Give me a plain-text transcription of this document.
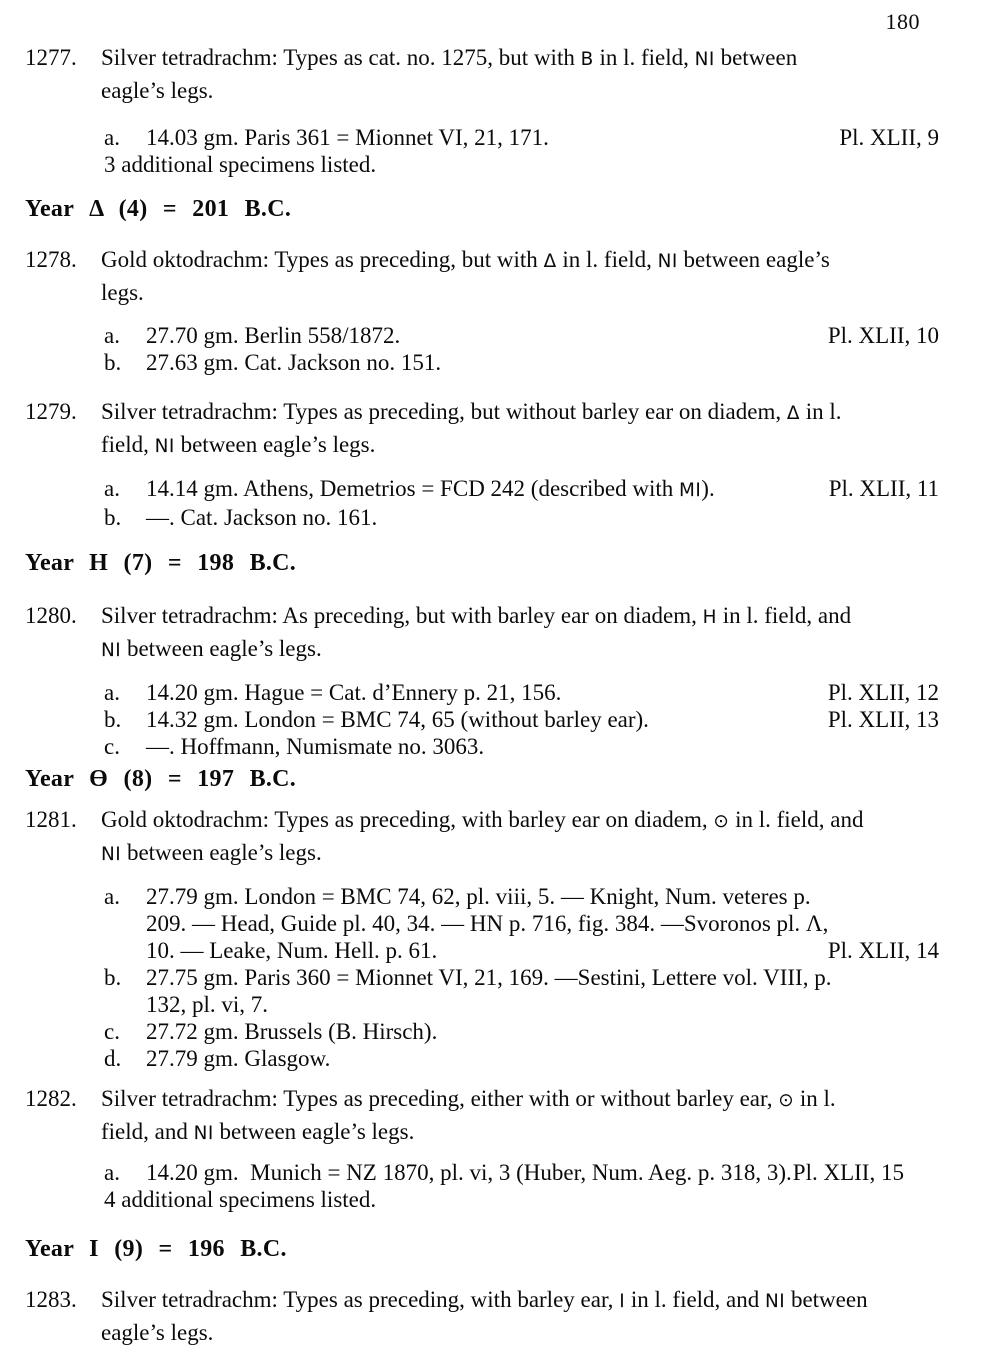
180
1277.	Silver tetradrachm: Types as cat. no. 1275, but with B in l. field, ΝΙ between
eagle’s legs.
a.	14.03 gm. Paris 361 = Mionnet VI, 21, 171.	Pl. XLII, 9
3 additional specimens listed.
Year Δ (4) = 201 B.C.
1278.	Gold oktodrachm: Types as preceding, but with Δ in l. field, ΝΙ between eagle’s
legs.
a.	27.70 gm. Berlin 558/1872.	Pl. XLII, 10
b.	27.63 gm. Cat. Jackson no. 151.
1279.	Silver tetradrachm: Types as preceding, but without barley ear on diadem, Δ in l.
field, ΝΙ between eagle’s legs.
a.	14.14 gm. Athens, Demetrios = FCD 242 (described with ΜΙ).	Pl. XLII, 11
b.	—. Cat. Jackson no. 161.
Year H (7) = 198 B.C.
1280.	Silver tetradrachm: As preceding, but with barley ear on diadem, H in l. field, and
ΝΙ between eagle’s legs.
a.	14.20 gm. Hague = Cat. d’Ennery p. 21, 156.	Pl. XLII, 12
b.	14.32 gm. London = BMC 74, 65 (without barley ear).	Pl. XLII, 13
c.	—. Hoffmann, Numismate no. 3063.
Year Ө (8) = 197 B.C.
1281.	Gold oktodrachm: Types as preceding, with barley ear on diadem, ⊙ in l. field, and
ΝΙ between eagle’s legs.
a.	27.79 gm. London = BMC 74, 62, pl. viii, 5. — Knight, Num. veteres p.
209. — Head, Guide pl. 40, 34. — HN p. 716, fig. 384. —Svoronos pl. Λ,
10. — Leake, Num. Hell. p. 61.	Pl. XLII, 14
b.	27.75 gm. Paris 360 = Mionnet VI, 21, 169. —Sestini, Lettere vol. VIII, p.
132, pl. vi, 7.
c.	27.72 gm. Brussels (B. Hirsch).
d.	27.79 gm. Glasgow.
1282.	Silver tetradrachm: Types as preceding, either with or without barley ear, ⊙ in l.
field, and ΝΙ between eagle’s legs.
a.	14.20 gm.  Munich = NZ 1870, pl. vi, 3 (Huber, Num. Aeg. p. 318, 3). Pl. XLII, 15
4 additional specimens listed.
Year I (9) = 196 B.C.
1283.	Silver tetradrachm: Types as preceding, with barley ear, Ι in l. field, and ΝΙ between
eagle’s legs.
